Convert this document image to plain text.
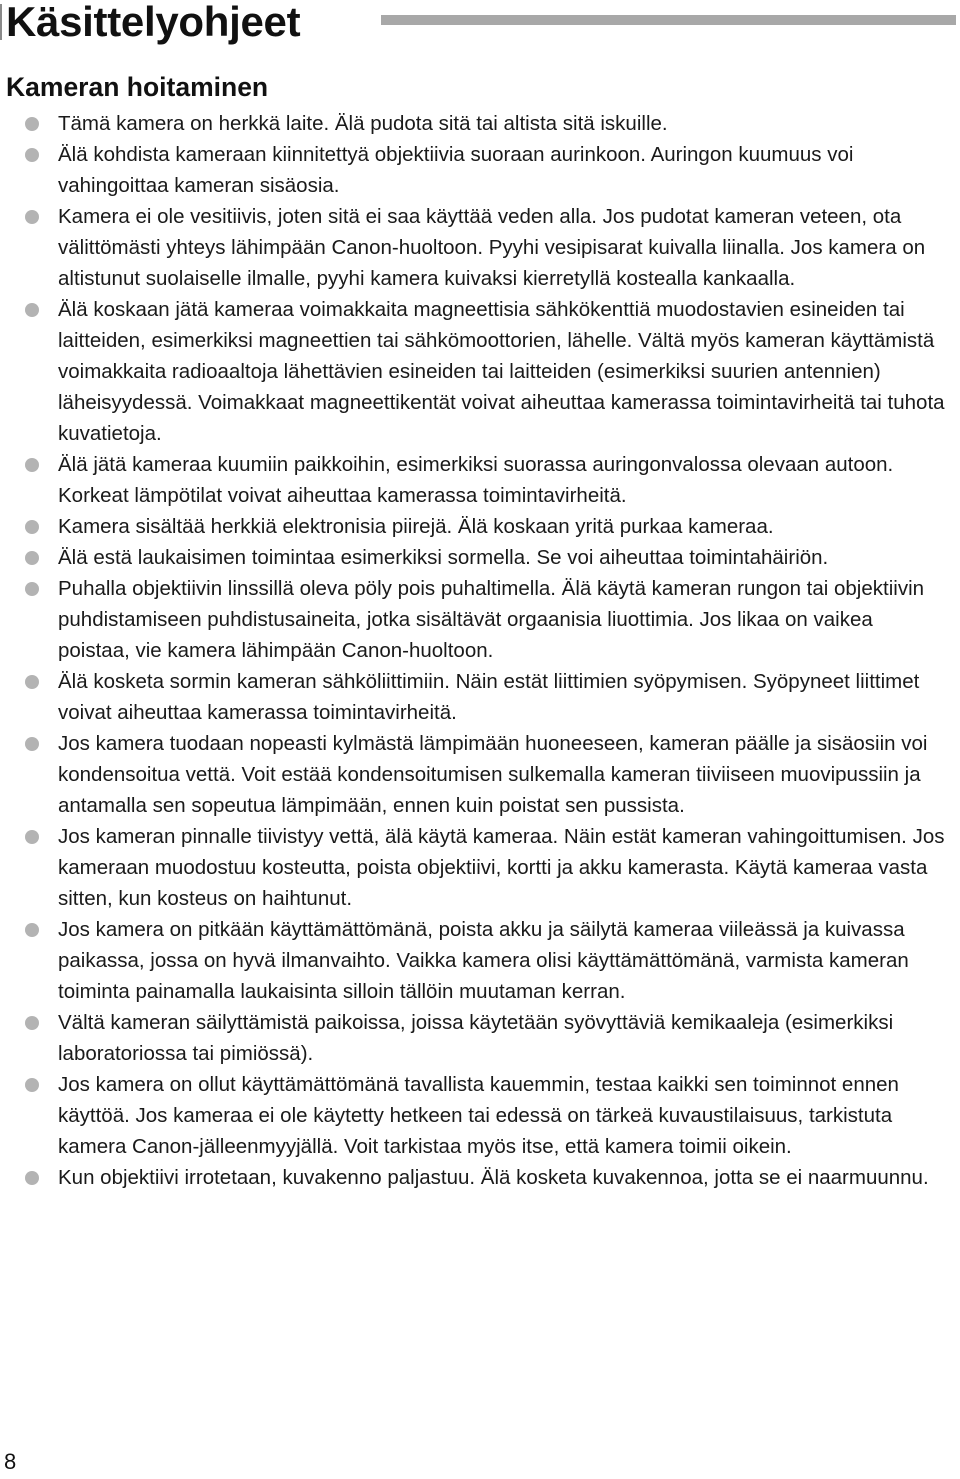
Käsittelyohjeet
Kameran hoitaminen
Tämä kamera on herkkä laite. Älä pudota sitä tai altista sitä iskuille.
Älä kohdista kameraan kiinnitettyä objektiivia suoraan aurinkoon. Auringon kuumuus voi vahingoittaa kameran sisäosia.
Kamera ei ole vesitiivis, joten sitä ei saa käyttää veden alla. Jos pudotat kameran veteen, ota välittömästi yhteys lähimpään Canon-huoltoon. Pyyhi vesipisarat kuivalla liinalla. Jos kamera on altistunut suolaiselle ilmalle, pyyhi kamera kuivaksi kierretyllä kostealla kankaalla.
Älä koskaan jätä kameraa voimakkaita magneettisia sähkökenttiä muodostavien esineiden tai laitteiden, esimerkiksi magneettien tai sähkömoottorien, lähelle. Vältä myös kameran käyttämistä voimakkaita radioaaltoja lähettävien esineiden tai laitteiden (esimerkiksi suurien antennien) läheisyydessä. Voimakkaat magneettikentät voivat aiheuttaa kamerassa toimintavirheitä tai tuhota kuvatietoja.
Älä jätä kameraa kuumiin paikkoihin, esimerkiksi suorassa auringonvalossa olevaan autoon. Korkeat lämpötilat voivat aiheuttaa kamerassa toimintavirheitä.
Kamera sisältää herkkiä elektronisia piirejä. Älä koskaan yritä purkaa kameraa.
Älä estä laukaisimen toimintaa esimerkiksi sormella. Se voi aiheuttaa toimintahäiriön.
Puhalla objektiivin linssillä oleva pöly pois puhaltimella. Älä käytä kameran rungon tai objektiivin puhdistamiseen puhdistusaineita, jotka sisältävät orgaanisia liuottimia. Jos likaa on vaikea poistaa, vie kamera lähimpään Canon-huoltoon.
Älä kosketa sormin kameran sähköliittimiin. Näin estät liittimien syöpymisen. Syöpyneet liittimet voivat aiheuttaa kamerassa toimintavirheitä.
Jos kamera tuodaan nopeasti kylmästä lämpimään huoneeseen, kameran päälle ja sisäosiin voi kondensoitua vettä. Voit estää kondensoitumisen sulkemalla kameran tiiviiseen muovipussiin ja antamalla sen sopeutua lämpimään, ennen kuin poistat sen pussista.
Jos kameran pinnalle tiivistyy vettä, älä käytä kameraa. Näin estät kameran vahingoittumisen. Jos kameraan muodostuu kosteutta, poista objektiivi, kortti ja akku kamerasta. Käytä kameraa vasta sitten, kun kosteus on haihtunut.
Jos kamera on pitkään käyttämättömänä, poista akku ja säilytä kameraa viileässä ja kuivassa paikassa, jossa on hyvä ilmanvaihto. Vaikka kamera olisi käyttämättömänä, varmista kameran toiminta painamalla laukaisinta silloin tällöin muutaman kerran.
Vältä kameran säilyttämistä paikoissa, joissa käytetään syövyttäviä kemikaaleja (esimerkiksi laboratoriossa tai pimiössä).
Jos kamera on ollut käyttämättömänä tavallista kauemmin, testaa kaikki sen toiminnot ennen käyttöä. Jos kameraa ei ole käytetty hetkeen tai edessä on tärkeä kuvaustilaisuus, tarkistuta kamera Canon-jälleenmyyjällä. Voit tarkistaa myös itse, että kamera toimii oikein.
Kun objektiivi irrotetaan, kuvakenno paljastuu. Älä kosketa kuvakennoa, jotta se ei naarmuunnu.
8
